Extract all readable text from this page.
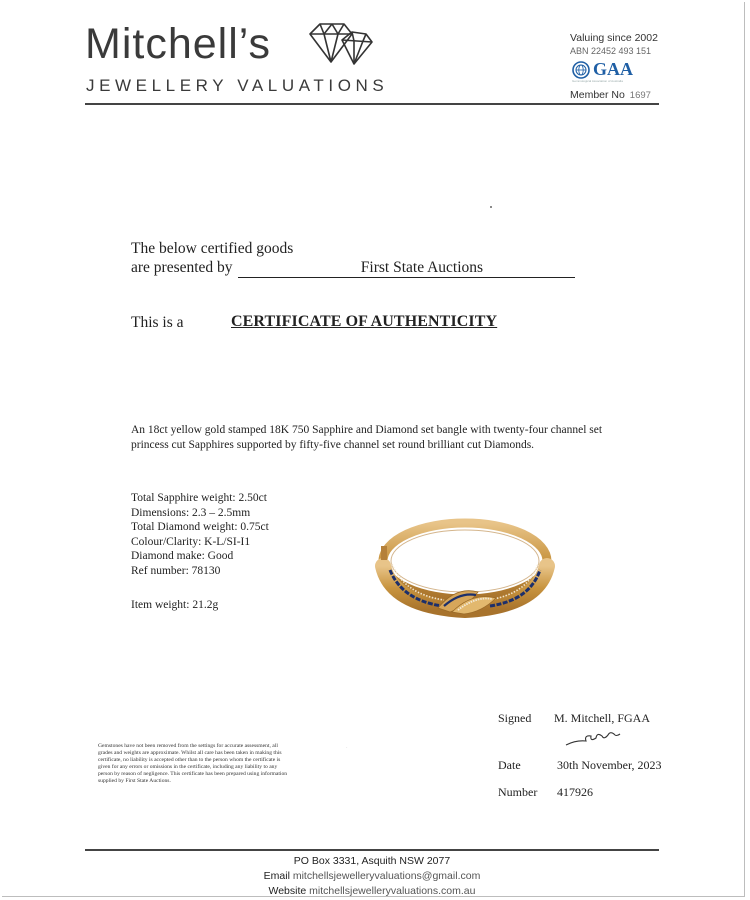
Mitchell’s
JEWELLERY VALUATIONS
Valuing since 2002
ABN 22452 493 151
GAA
Gemmological Association of Australia
Member No 1697
The below certified goods
are presented by	First State Auctions
This is a	CERTIFICATE OF AUTHENTICITY
An 18ct yellow gold stamped 18K 750 Sapphire and Diamond set bangle with twenty-four channel set princess cut Sapphires supported by fifty-five channel set round brilliant cut Diamonds.
Total Sapphire weight: 2.50ct
Dimensions: 2.3 – 2.5mm
Total Diamond weight: 0.75ct
Colour/Clarity: K-L/SI-I1
Diamond make: Good
Ref number: 78130
Item weight: 21.2g
Signed M. Mitchell, FGAA
Date	30th November, 2023
Number 417926
Gemstones have not been removed from the settings for accurate assessment, all grades and weights are approximate. Whilst all care has been taken in making this certificate, no liability is accepted other than to the person whom the certificate is given for any errors or omissions in the certificate, including any liability to any person by reason of negligence. This certificate has been prepared using information supplied by First State Auctions.
·
PO Box 3331, Asquith NSW 2077
Email mitchellsjewelleryvaluations@gmail.com
Website mitchellsjewelleryvaluations.com.au
